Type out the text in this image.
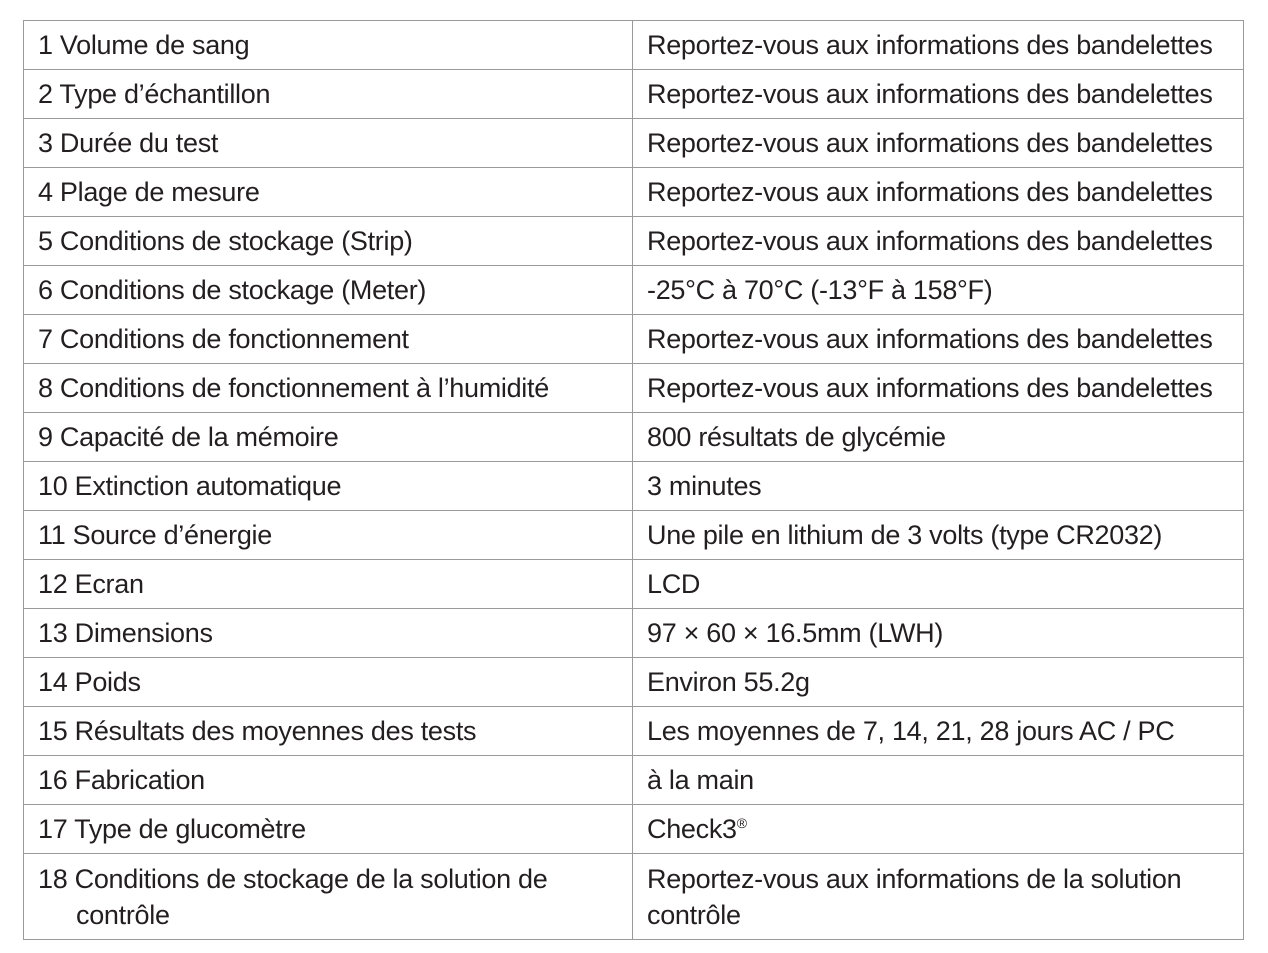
1 Volume de sang	Reportez-vous aux informations des bandelettes
2 Type d’échantillon	Reportez-vous aux informations des bandelettes
3 Durée du test	Reportez-vous aux informations des bandelettes
4 Plage de mesure	Reportez-vous aux informations des bandelettes
5 Conditions de stockage (Strip)	Reportez-vous aux informations des bandelettes
6 Conditions de stockage (Meter)	-25°C à 70°C (-13°F à 158°F)
7 Conditions de fonctionnement	Reportez-vous aux informations des bandelettes
8 Conditions de fonctionnement à l’humidité	Reportez-vous aux informations des bandelettes
9 Capacité de la mémoire	800 résultats de glycémie
10 Extinction automatique	3 minutes
11 Source d’énergie	Une pile en lithium de 3 volts (type CR2032)
12 Ecran	LCD
13 Dimensions	97 × 60 × 16.5mm (LWH)
14 Poids	Environ 55.2g
15 Résultats des moyennes des tests	Les moyennes de 7, 14, 21, 28 jours AC / PC
16 Fabrication	à la main
17 Type de glucomètre	Check3®

18 Conditions de stockage de la solution de contrôle	Reportez-vous aux informations de la solution contrôle
